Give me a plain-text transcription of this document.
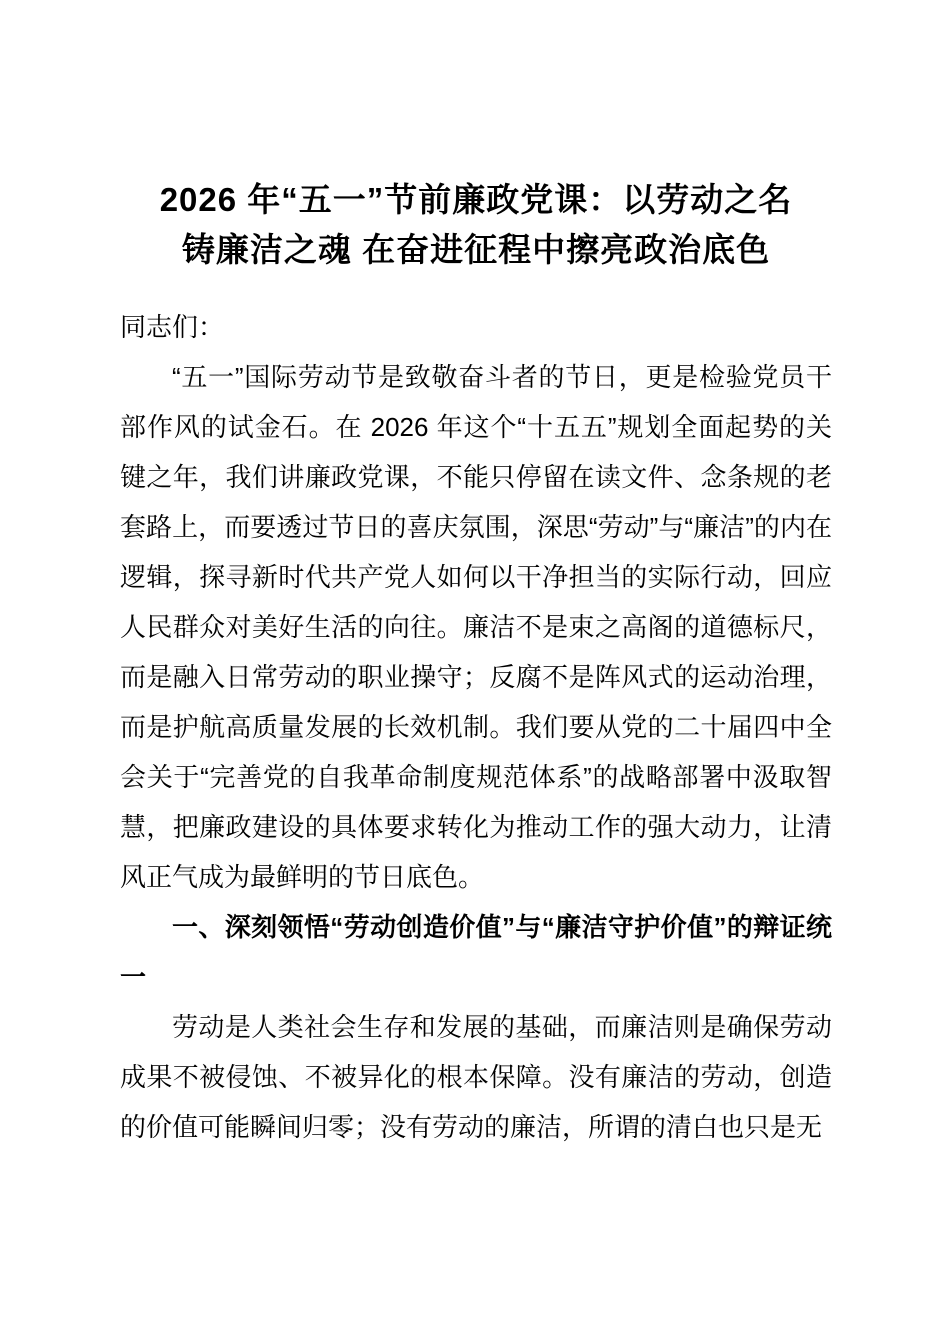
2026 年“五一”节前廉政党课：以劳动之名
铸廉洁之魂 在奋进征程中擦亮政治底色

同志们：

“五一”国际劳动节是致敬奋斗者的节日，更是检验党员干部作风的试金石。在 2026 年这个“十五五”规划全面起势的关键之年，我们讲廉政党课，不能只停留在读文件、念条规的老套路上，而要透过节日的喜庆氛围，深思“劳动”与“廉洁”的内在逻辑，探寻新时代共产党人如何以干净担当的实际行动，回应人民群众对美好生活的向往。廉洁不是束之高阁的道德标尺，而是融入日常劳动的职业操守；反腐不是阵风式的运动治理，而是护航高质量发展的长效机制。我们要从党的二十届四中全会关于“完善党的自我革命制度规范体系”的战略部署中汲取智慧，把廉政建设的具体要求转化为推动工作的强大动力，让清风正气成为最鲜明的节日底色。

一、深刻领悟“劳动创造价值”与“廉洁守护价值”的辩证统一

劳动是人类社会生存和发展的基础，而廉洁则是确保劳动成果不被侵蚀、不被异化的根本保障。没有廉洁的劳动，创造的价值可能瞬间归零；没有劳动的廉洁，所谓的清白也只是无
